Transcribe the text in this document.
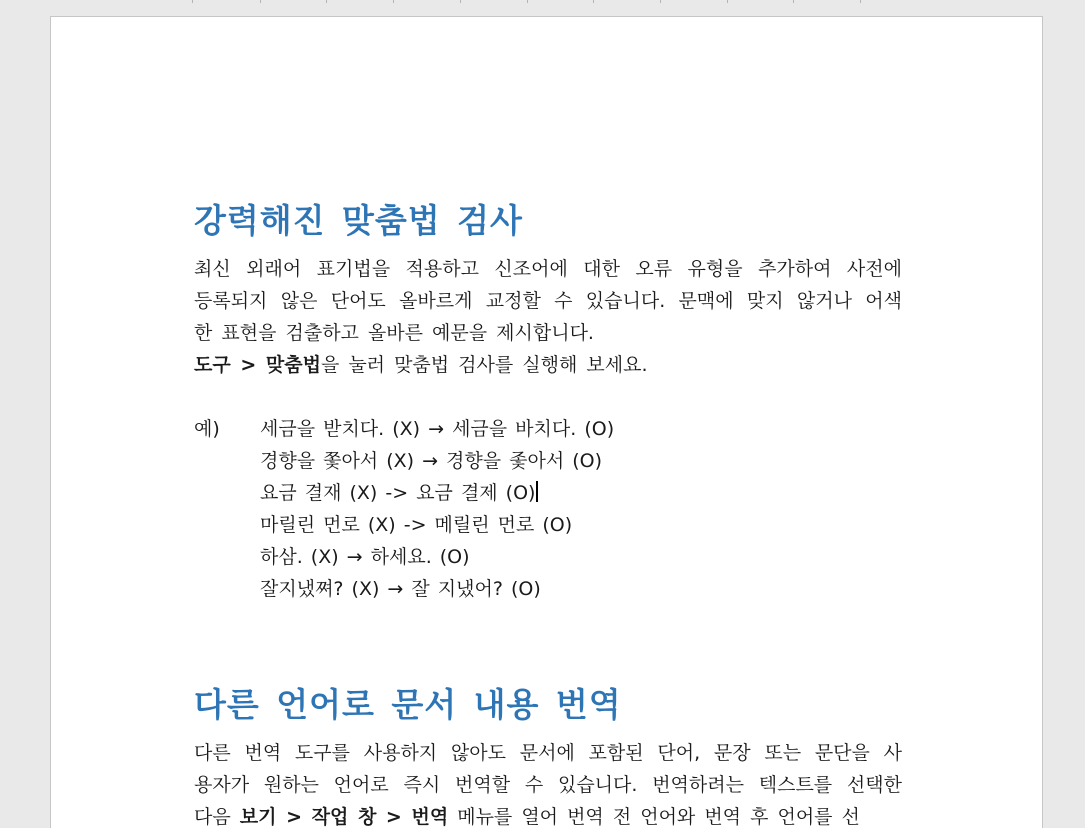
강력해진 맞춤법 검사
최신 외래어 표기법을 적용하고 신조어에 대한 오류 유형을 추가하여 사전에
등록되지 않은 단어도 올바르게 교정할 수 있습니다. 문맥에 맞지 않거나 어색
한 표현을 검출하고 올바른 예문을 제시합니다.
도구 > 맞춤법을 눌러 맞춤법 검사를 실행해 보세요.
예) 세금을 받치다. (X) → 세금을 바치다. (O)
경향을 쫓아서 (X) → 경향을 좇아서 (O)
요금 결재 (X) -> 요금 결제 (O)
마릴린 먼로 (X) -> 메릴린 먼로 (O)
하삼. (X) → 하세요. (O)
잘지냈쪄? (X) → 잘 지냈어? (O)
다른 언어로 문서 내용 번역
다른 번역 도구를 사용하지 않아도 문서에 포함된 단어, 문장 또는 문단을 사
용자가 원하는 언어로 즉시 번역할 수 있습니다. 번역하려는 텍스트를 선택한
다음 보기 > 작업 창 > 번역 메뉴를 열어 번역 전 언어와 번역 후 언어를 선
